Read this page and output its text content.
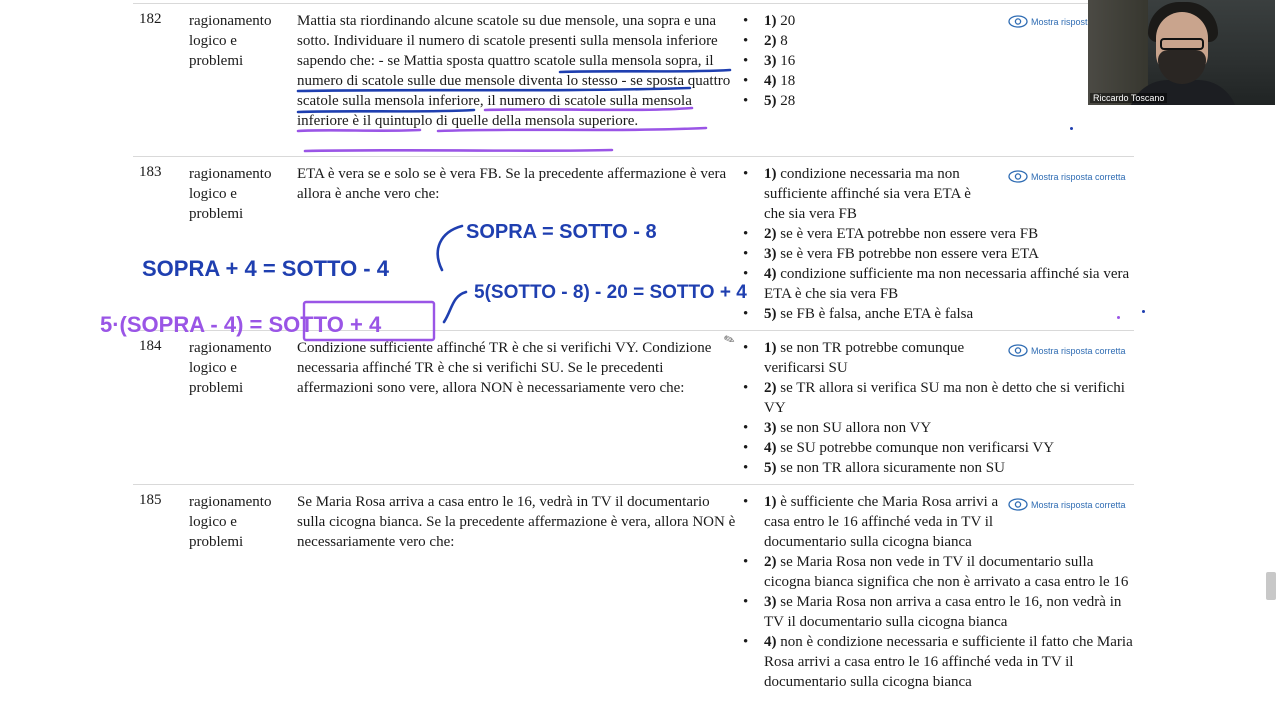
182 ragionamento logico e problemi
Mattia sta riordinando alcune scatole su due mensole, una sopra e una sotto. Individuare il numero di scatole presenti sulla mensola inferiore sapendo che: - se Mattia sposta quattro scatole sulla mensola sopra, il numero di scatole sulle due mensole diventa lo stesso - se sposta quattro scatole sulla mensola inferiore, il numero di scatole sulla mensola inferiore è il quintuplo di quelle della mensola superiore.
• 1) 20
• 2) 8
• 3) 16
• 4) 18
• 5) 28
Mostra rispost
183 ragionamento logico e problemi
ETA è vera se e solo se è vera FB. Se la precedente affermazione è vera allora è anche vero che:
• 1) condizione necessaria ma non sufficiente affinché sia vera ETA è che sia vera FB
• 2) se è vera ETA potrebbe non essere vera FB
• 3) se è vera FB potrebbe non essere vera ETA
• 4) condizione sufficiente ma non necessaria affinché sia vera ETA è che sia vera FB
• 5) se FB è falsa, anche ETA è falsa
Mostra risposta corretta
184 ragionamento logico e problemi
Condizione sufficiente affinché TR è che si verifichi VY. Condizione necessaria affinché TR è che si verifichi SU. Se le precedenti affermazioni sono vere, allora NON è necessariamente vero che:
• 1) se non TR potrebbe comunque verificarsi SU
• 2) se TR allora si verifica SU ma non è detto che si verifichi VY
• 3) se non SU allora non VY
• 4) se SU potrebbe comunque non verificarsi VY
• 5) se non TR allora sicuramente non SU
Mostra risposta corretta
185 ragionamento logico e problemi
Se Maria Rosa arriva a casa entro le 16, vedrà in TV il documentario sulla cicogna bianca. Se la precedente affermazione è vera, allora NON è necessariamente vero che:
• 1) è sufficiente che Maria Rosa arrivi a casa entro le 16 affinché veda in TV il documentario sulla cicogna bianca
• 2) se Maria Rosa non vede in TV il documentario sulla cicogna bianca significa che non è arrivato a casa entro le 16
• 3) se Maria Rosa non arriva a casa entro le 16, non vedrà in TV il documentario sulla cicogna bianca
• 4) non è condizione necessaria e sufficiente il fatto che Maria Rosa arrivi a casa entro le 16 affinché veda in TV il documentario sulla cicogna bianca
Mostra risposta corretta
SOPRA + 4 = SOTTO - 4
SOPRA = SOTTO - 8
5·(SOPRA - 4) = SOTTO + 4
5(SOTTO - 8) - 20 = SOTTO + 4
✎
Riccardo Toscano
